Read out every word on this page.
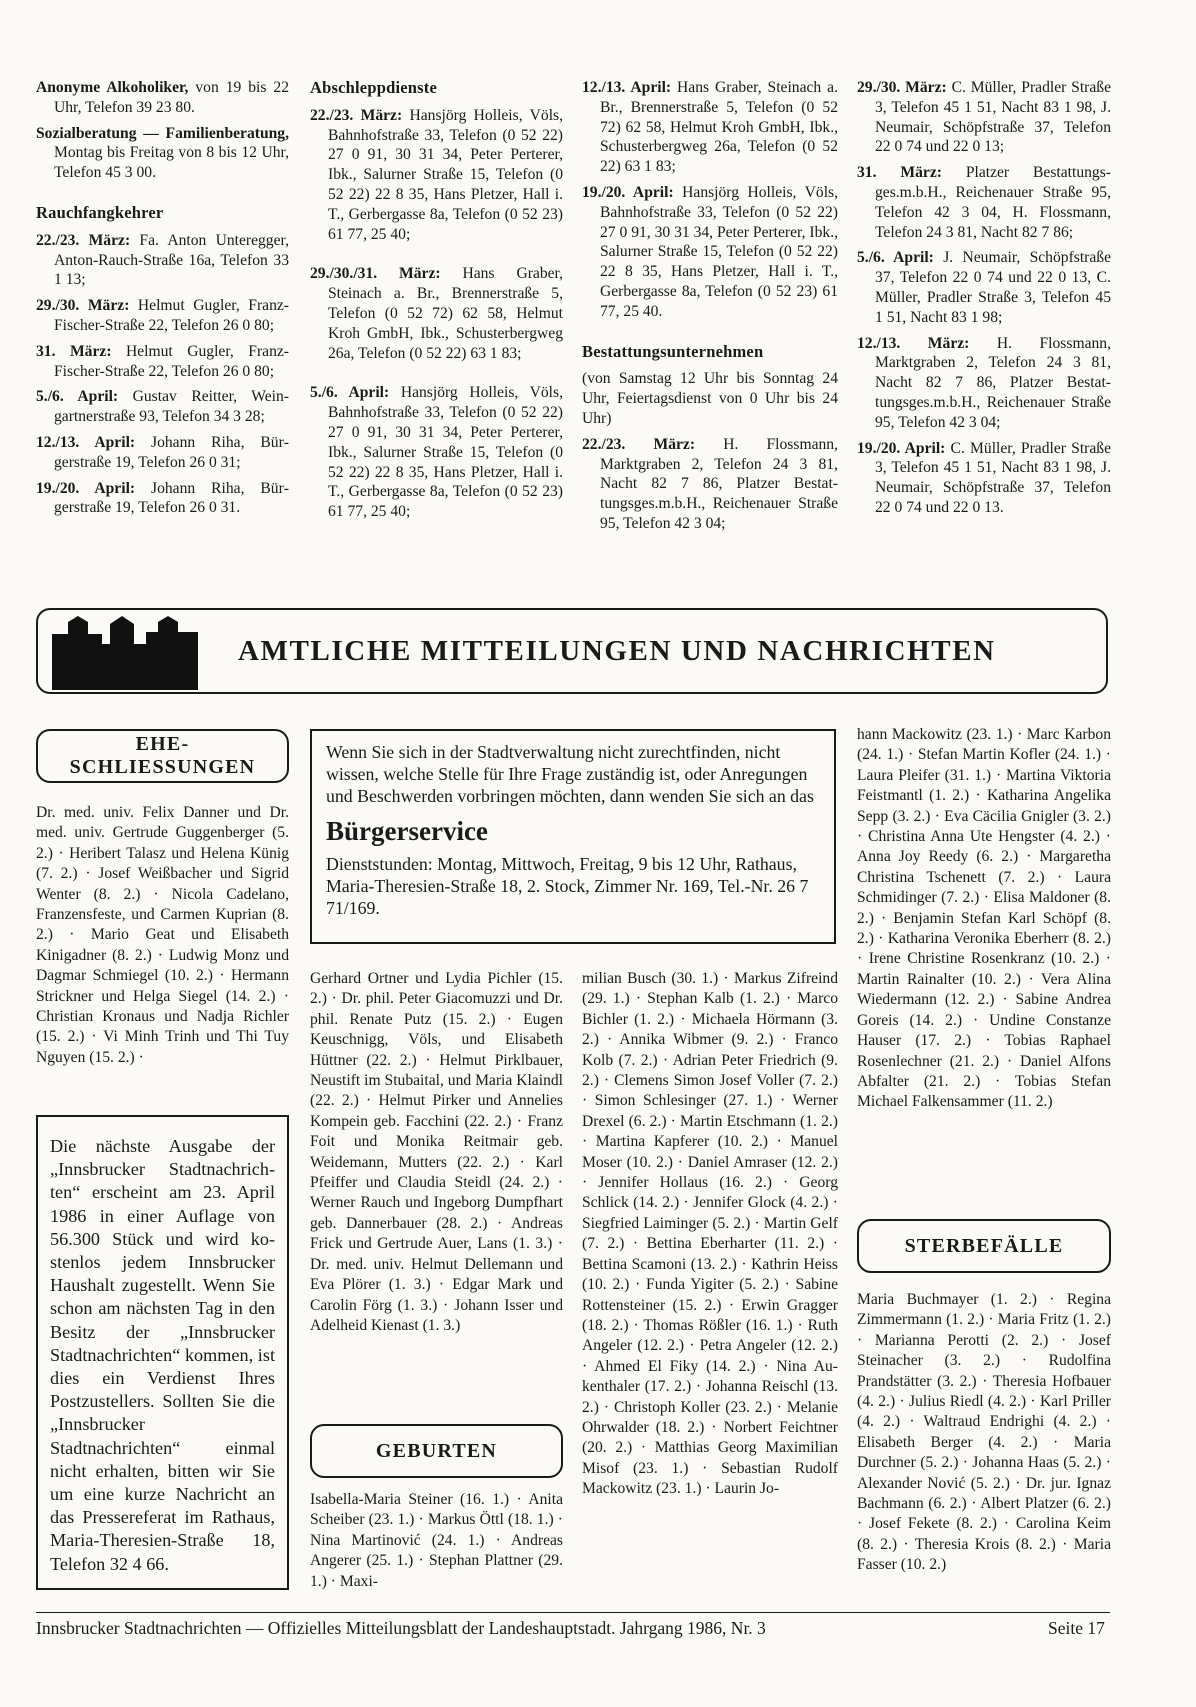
Anonyme Alkoholiker, von 19 bis 22 Uhr, Telefon 39 23 80.

Sozialberatung — Familienberatung, Montag bis Freitag von 8 bis 12 Uhr, Telefon 45 3 00.

Rauchfangkehrer

22./23. März: Fa. Anton Unteregger, Anton-Rauch-Straße 16a, Telefon 33 1 13;

29./30. März: Helmut Gugler, Franz-Fischer-Straße 22, Telefon 26 0 80;

31. März: Helmut Gugler, Franz-Fischer-Straße 22, Telefon 26 0 80;

5./6. April: Gustav Reitter, Weingartnerstraße 93, Telefon 34 3 28;

12./13. April: Johann Riha, Bürgerstraße 19, Telefon 26 0 31;

19./20. April: Johann Riha, Bürgerstraße 19, Telefon 26 0 31.

Abschleppdienste

22./23. März: Hansjörg Holleis, Völs, Bahnhofstraße 33, Telefon (0 52 22) 27 0 91, 30 31 34, Peter Perterer, Ibk., Salurner Straße 15, Telefon (0 52 22) 22 8 35, Hans Pletzer, Hall i. T., Gerbergasse 8a, Telefon (0 52 23) 61 77, 25 40;

29./30./31. März: Hans Graber, Steinach a. Br., Brennerstraße 5, Telefon (0 52 72) 62 58, Helmut Kroh GmbH, Ibk., Schusterbergweg 26a, Telefon (0 52 22) 63 1 83;

5./6. April: Hansjörg Holleis, Völs, Bahnhofstraße 33, Telefon (0 52 22) 27 0 91, 30 31 34, Peter Perterer, Ibk., Salurner Straße 15, Telefon (0 52 22) 22 8 35, Hans Pletzer, Hall i. T., Gerbergasse 8a, Telefon (0 52 23) 61 77, 25 40;

12./13. April: Hans Graber, Steinach a. Br., Brennerstraße 5, Telefon (0 52 72) 62 58, Helmut Kroh GmbH, Ibk., Schusterbergweg 26a, Telefon (0 52 22) 63 1 83;

19./20. April: Hansjörg Holleis, Völs, Bahnhofstraße 33, Telefon (0 52 22) 27 0 91, 30 31 34, Peter Perterer, Ibk., Salurner Straße 15, Telefon (0 52 22) 22 8 35, Hans Pletzer, Hall i. T., Gerbergasse 8a, Telefon (0 52 23) 61 77, 25 40.

Bestattungsunternehmen

(von Samstag 12 Uhr bis Sonntag 24 Uhr, Feiertagsdienst von 0 Uhr bis 24 Uhr)

22./23. März: H. Flossmann, Marktgraben 2, Telefon 24 3 81, Nacht 82 7 86, Platzer Bestattungsges.m.b.H., Reichenauer Straße 95, Telefon 42 3 04;

29./30. März: C. Müller, Pradler Straße 3, Telefon 45 1 51, Nacht 83 1 98, J. Neumair, Schöpfstraße 37, Telefon 22 0 74 und 22 0 13;

31. März: Platzer Bestattungsges.m.b.H., Reichenauer Straße 95, Telefon 42 3 04, H. Flossmann, Telefon 24 3 81, Nacht 82 7 86;

5./6. April: J. Neumair, Schöpfstraße 37, Telefon 22 0 74 und 22 0 13, C. Müller, Pradler Straße 3, Telefon 45 1 51, Nacht 83 1 98;

12./13. März: H. Flossmann, Marktgraben 2, Telefon 24 3 81, Nacht 82 7 86, Platzer Bestattungsges.m.b.H., Reichenauer Straße 95, Telefon 42 3 04;

19./20. April: C. Müller, Pradler Straße 3, Telefon 45 1 51, Nacht 83 1 98, J. Neumair, Schöpfstraße 37, Telefon 22 0 74 und 22 0 13.

AMTLICHE MITTEILUNGEN UND NACHRICHTEN
EHE-
SCHLIESSUNGEN
Dr. med. univ. Felix Danner und Dr. med. univ. Gertrude Guggenberger (5. 2.) · Heribert Talasz und Helena Künig (7. 2.) · Josef Weißbacher und Sigrid Wenter (8. 2.) · Nicola Cadelano, Franzensfeste, und Carmen Kuprian (8. 2.) · Mario Geat und Elisabeth Kinigadner (8. 2.) · Ludwig Monz und Dagmar Schmiegel (10. 2.) · Hermann Strickner und Helga Siegel (14. 2.) · Christian Kronaus und Nadja Richler (15. 2.) · Vi Minh Trinh und Thi Tuy Nguyen (15. 2.) ·
Die nächste Ausgabe der „Innsbrucker Stadtnachrichten“ erscheint am 23. April 1986 in einer Auflage von 56.300 Stück und wird kostenlos jedem Innsbrucker Haushalt zugestellt. Wenn Sie schon am nächsten Tag in den Besitz der „Innsbrucker Stadtnachrichten“ kommen, ist dies ein Verdienst Ihres Postzustellers. Sollten Sie die „Innsbrucker Stadtnachrichten“ einmal nicht erhalten, bitten wir Sie um eine kurze Nachricht an das Pressereferat im Rathaus, Maria-Theresien-Straße 18, Telefon 32 4 66.
Wenn Sie sich in der Stadtverwaltung nicht zurechtfinden, nicht wissen, welche Stelle für Ihre Frage zuständig ist, oder Anregungen und Beschwerden vorbringen möchten, dann wenden Sie sich an das
Bürgerservice
Dienststunden: Montag, Mittwoch, Freitag, 9 bis 12 Uhr, Rathaus, Maria-Theresien-Straße 18, 2. Stock, Zimmer Nr. 169, Tel.-Nr. 26 7 71/169.
Gerhard Ortner und Lydia Pichler (15. 2.) · Dr. phil. Peter Giacomuzzi und Dr. phil. Renate Putz (15. 2.) · Eugen Keuschnigg, Völs, und Elisabeth Hüttner (22. 2.) · Helmut Pirklbauer, Neustift im Stubaital, und Maria Klaindl (22. 2.) · Helmut Pirker und Annelies Kompein geb. Facchini (22. 2.) · Franz Foit und Monika Reitmair geb. Weidemann, Mutters (22. 2.) · Karl Pfeiffer und Claudia Steidl (24. 2.) · Werner Rauch und Ingeborg Dumpfhart geb. Dannerbauer (28. 2.) · Andreas Frick und Gertrude Auer, Lans (1. 3.) · Dr. med. univ. Helmut Dellemann und Eva Plörer (1. 3.) · Edgar Mark und Carolin Förg (1. 3.) · Johann Isser und Adelheid Kienast (1. 3.)
GEBURTEN
Isabella-Maria Steiner (16. 1.) · Anita Scheiber (23. 1.) · Markus Öttl (18. 1.) · Nina Martinović (24. 1.) · Andreas Angerer (25. 1.) · Stephan Plattner (29. 1.) · Maxi-
milian Busch (30. 1.) · Markus Zifreind (29. 1.) · Stephan Kalb (1. 2.) · Marco Bichler (1. 2.) · Michaela Hörmann (3. 2.) · Annika Wibmer (9. 2.) · Franco Kolb (7. 2.) · Adrian Peter Friedrich (9. 2.) · Clemens Simon Josef Voller (7. 2.) · Simon Schlesinger (27. 1.) · Werner Drexel (6. 2.) · Martin Etschmann (1. 2.) · Martina Kapferer (10. 2.) · Manuel Moser (10. 2.) · Daniel Amraser (12. 2.) · Jennifer Hollaus (16. 2.) · Georg Schlick (14. 2.) · Jennifer Glock (4. 2.) · Siegfried Laiminger (5. 2.) · Martin Gelf (7. 2.) · Bettina Eberharter (11. 2.) · Bettina Scamoni (13. 2.) · Kathrin Heiss (10. 2.) · Funda Yigiter (5. 2.) · Sabine Rottensteiner (15. 2.) · Erwin Gragger (18. 2.) · Thomas Rößler (16. 1.) · Ruth Angeler (12. 2.) · Petra Angeler (12. 2.) · Ahmed El Fiky (14. 2.) · Nina Aukenthaler (17. 2.) · Johanna Reischl (13. 2.) · Christoph Koller (23. 2.) · Melanie Ohrwalder (18. 2.) · Norbert Feichtner (20. 2.) · Matthias Georg Maximilian Misof (23. 1.) · Sebastian Rudolf Mackowitz (23. 1.) · Laurin Jo-
hann Mackowitz (23. 1.) · Marc Karbon (24. 1.) · Stefan Martin Kofler (24. 1.) · Laura Pleifer (31. 1.) · Martina Viktoria Feistmantl (1. 2.) · Katharina Angelika Sepp (3. 2.) · Eva Cäcilia Gnigler (3. 2.) · Christina Anna Ute Hengster (4. 2.) · Anna Joy Reedy (6. 2.) · Margaretha Christina Tschenett (7. 2.) · Laura Schmidinger (7. 2.) · Elisa Maldoner (8. 2.) · Benjamin Stefan Karl Schöpf (8. 2.) · Katharina Veronika Eberherr (8. 2.) · Irene Christine Rosenkranz (10. 2.) · Martin Rainalter (10. 2.) · Vera Alina Wiedermann (12. 2.) · Sabine Andrea Goreis (14. 2.) · Undine Constanze Hauser (17. 2.) · Tobias Raphael Rosenlechner (21. 2.) · Daniel Alfons Abfalter (21. 2.) · Tobias Stefan Michael Falkensammer (11. 2.)
STERBEFÄLLE
Maria Buchmayer (1. 2.) · Regina Zimmermann (1. 2.) · Maria Fritz (1. 2.) · Marianna Perotti (2. 2.) · Josef Steinacher (3. 2.) · Rudolfina Prandstätter (3. 2.) · Theresia Hofbauer (4. 2.) · Julius Riedl (4. 2.) · Karl Priller (4. 2.) · Waltraud Endrighi (4. 2.) · Elisabeth Berger (4. 2.) · Maria Durchner (5. 2.) · Johanna Haas (5. 2.) · Alexander Nović (5. 2.) · Dr. jur. Ignaz Bachmann (6. 2.) · Albert Platzer (6. 2.) · Josef Fekete (8. 2.) · Carolina Keim (8. 2.) · Theresia Krois (8. 2.) · Maria Fasser (10. 2.)
Innsbrucker Stadtnachrichten — Offizielles Mitteilungsblatt der Landeshauptstadt. Jahrgang 1986, Nr. 3	Seite 17
